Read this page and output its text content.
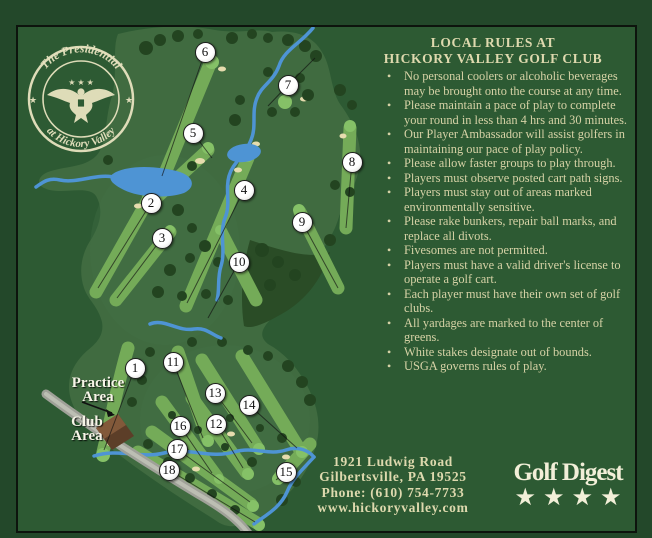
The Presidential
at Hickory Valley
★ ★ ★
★	★
LOCAL RULES AT
HICKORY VALLEY GOLF CLUB
• No personal coolers or alcoholic beverages may be brought onto the course at any time.
• Please maintain a pace of play to complete your round in less than 4 hrs and 30 minutes.
• Our Player Ambassador will assist golfers in maintaining our pace of play policy.
• Please allow faster groups to play through.
• Players must observe posted cart path signs.
• Players must stay out of areas marked environmentally sensitive.
• Please rake bunkers, repair ball marks, and replace all divots.
• Fivesomes are not permitted.
• Players must have a valid driver's license to operate a golf cart.
• Each player must have their own set of golf clubs.
• All yardages are marked to the center of greens.
• White stakes designate out of bounds.
• USGA governs rules of play.
1
2
3
4
5
6
7
8
9
10
11
12
13
14
15
16
17
18
Practice
Area
Club
Area
1921 Ludwig Road
Gilbertsville, PA 19525
Phone: (610) 754-7733
www.hickoryvalley.com
Golf Digest
★★★★
